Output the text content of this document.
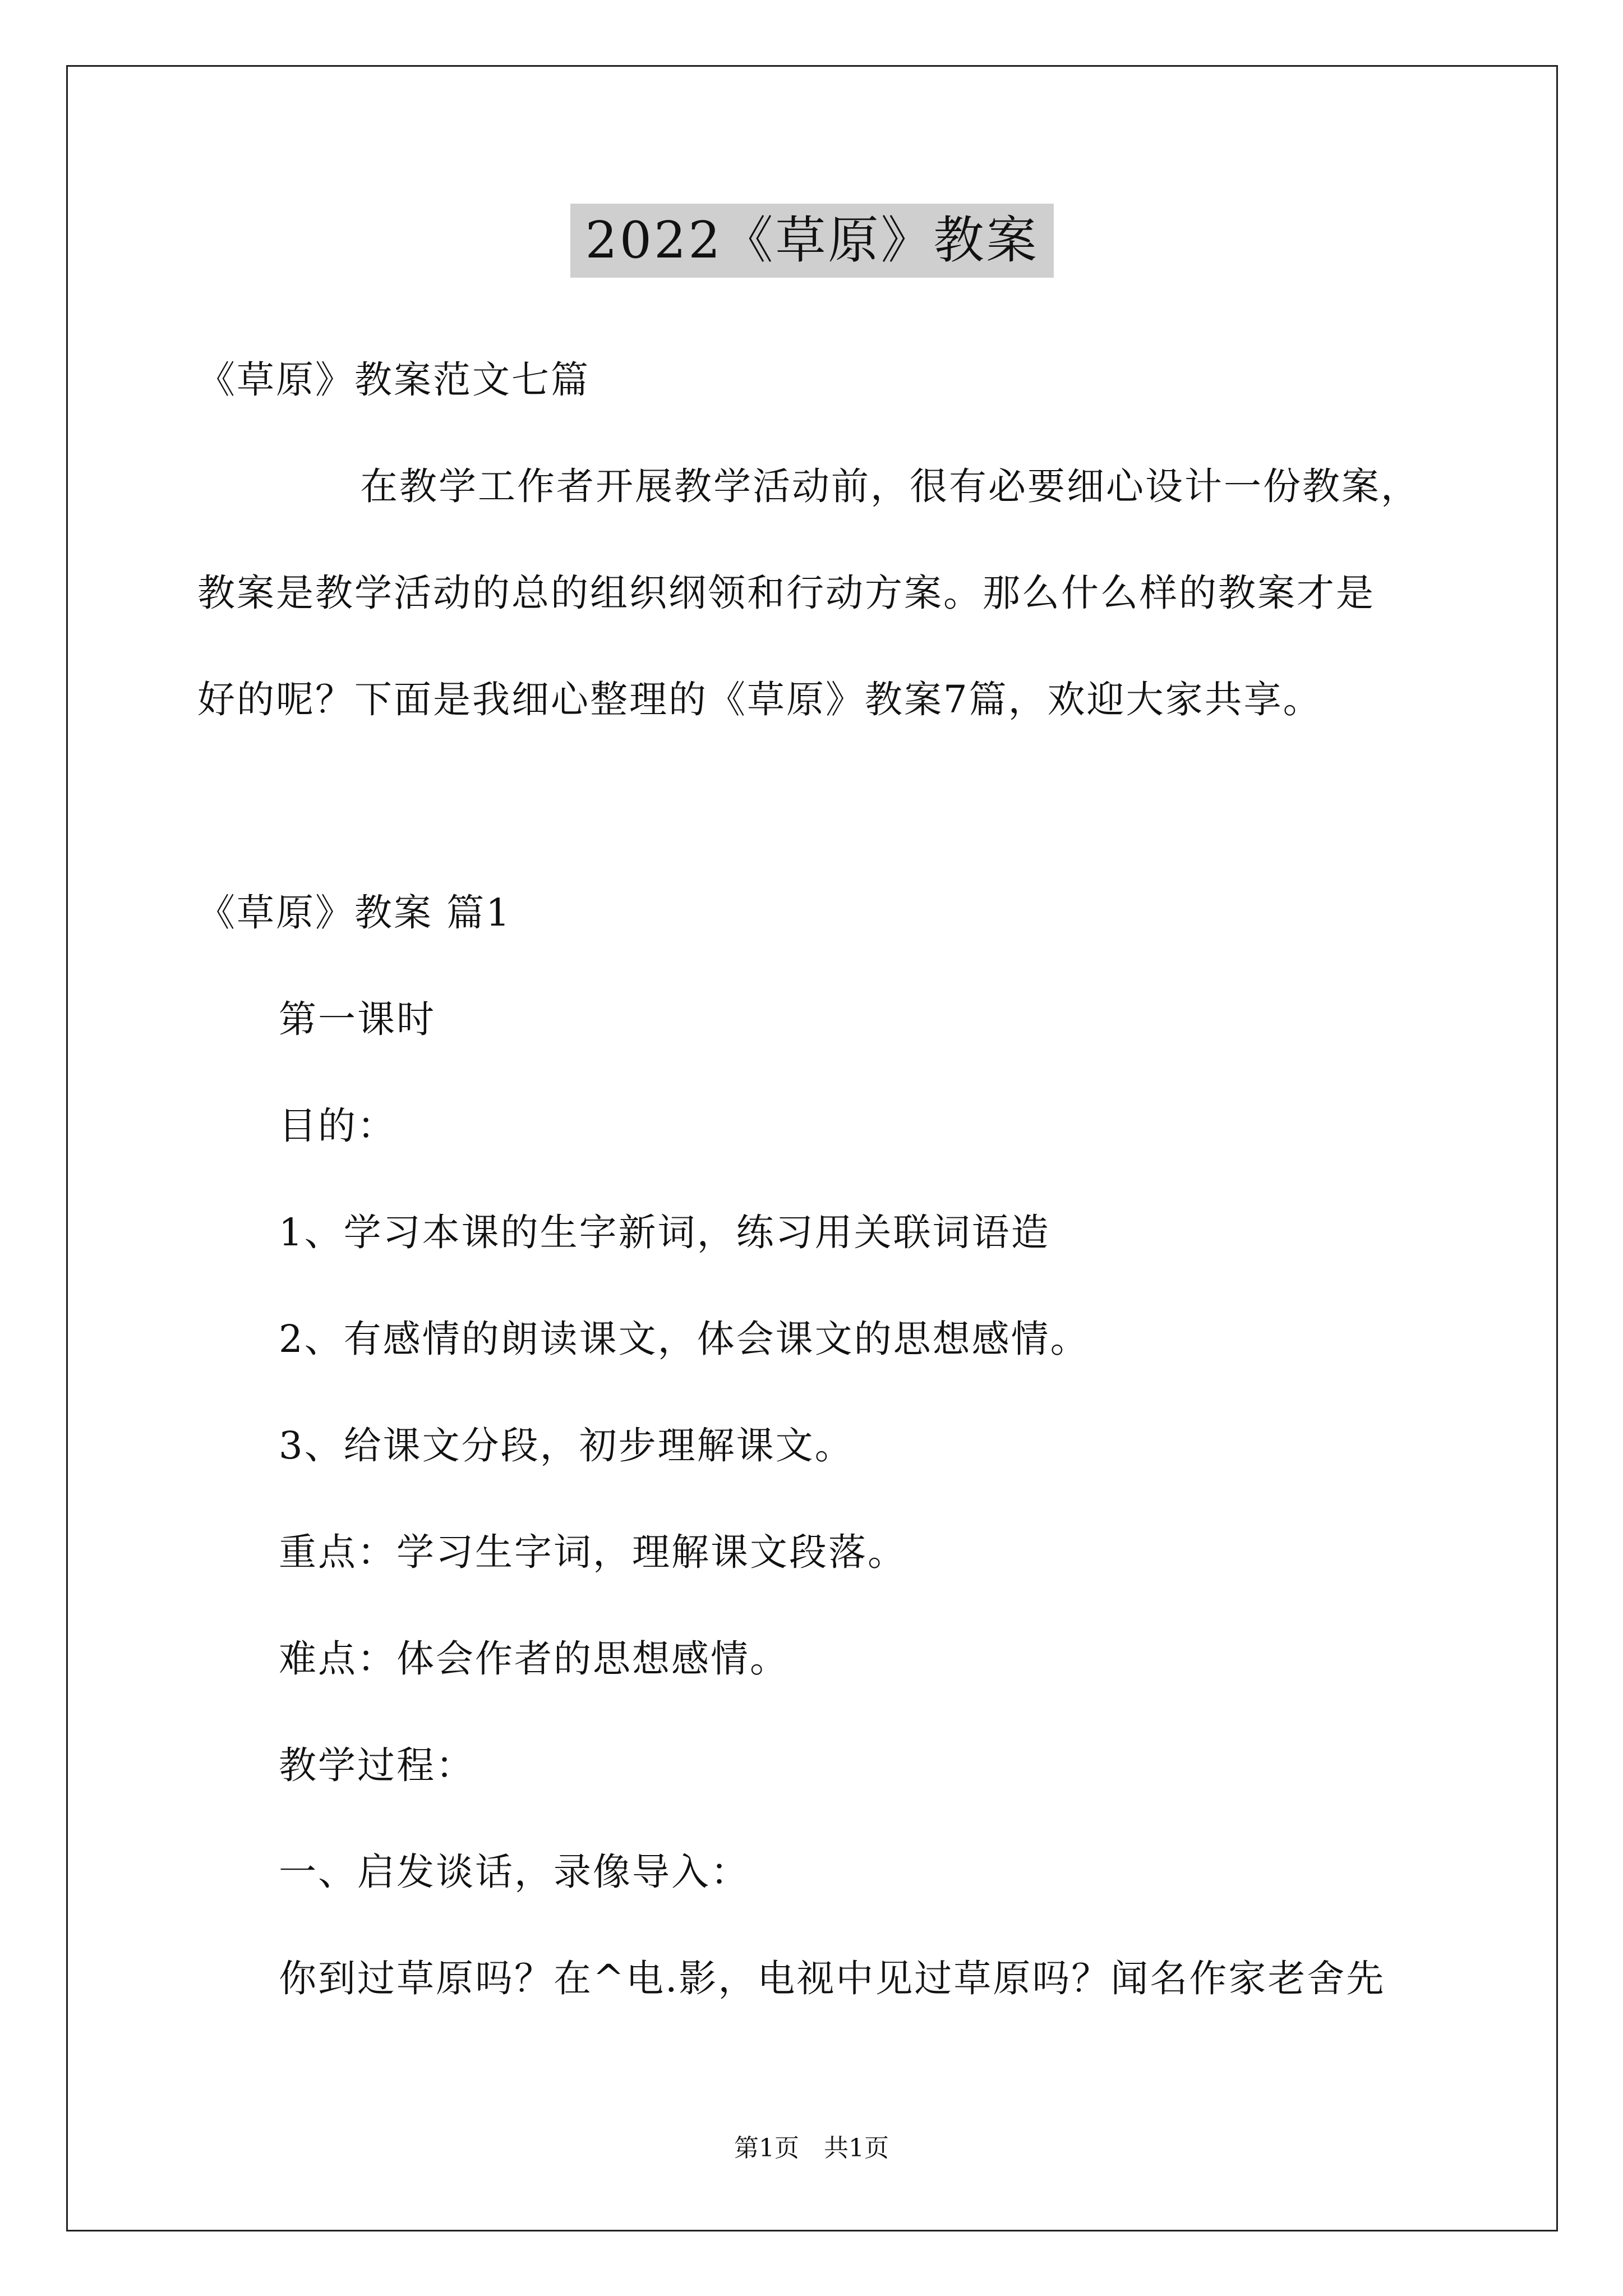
2022《草原》教案
《草原》教案范文七篇
在教学工作者开展教学活动前，很有必要细心设计一份教案，
教案是教学活动的总的组织纲领和行动方案。那么什么样的教案才是
好的呢？下面是我细心整理的《草原》教案7篇，欢迎大家共享。
《草原》教案 篇1
第一课时
目的：
1、学习本课的生字新词，练习用关联词语造
2、有感情的朗读课文，体会课文的思想感情。
3、给课文分段，初步理解课文。
重点：学习生字词，理解课文段落。
难点：体会作者的思想感情。
教学过程：
一、启发谈话，录像导入：
你到过草原吗？在^电.影，电视中见过草原吗？闻名作家老舍先
第1页　共1页
